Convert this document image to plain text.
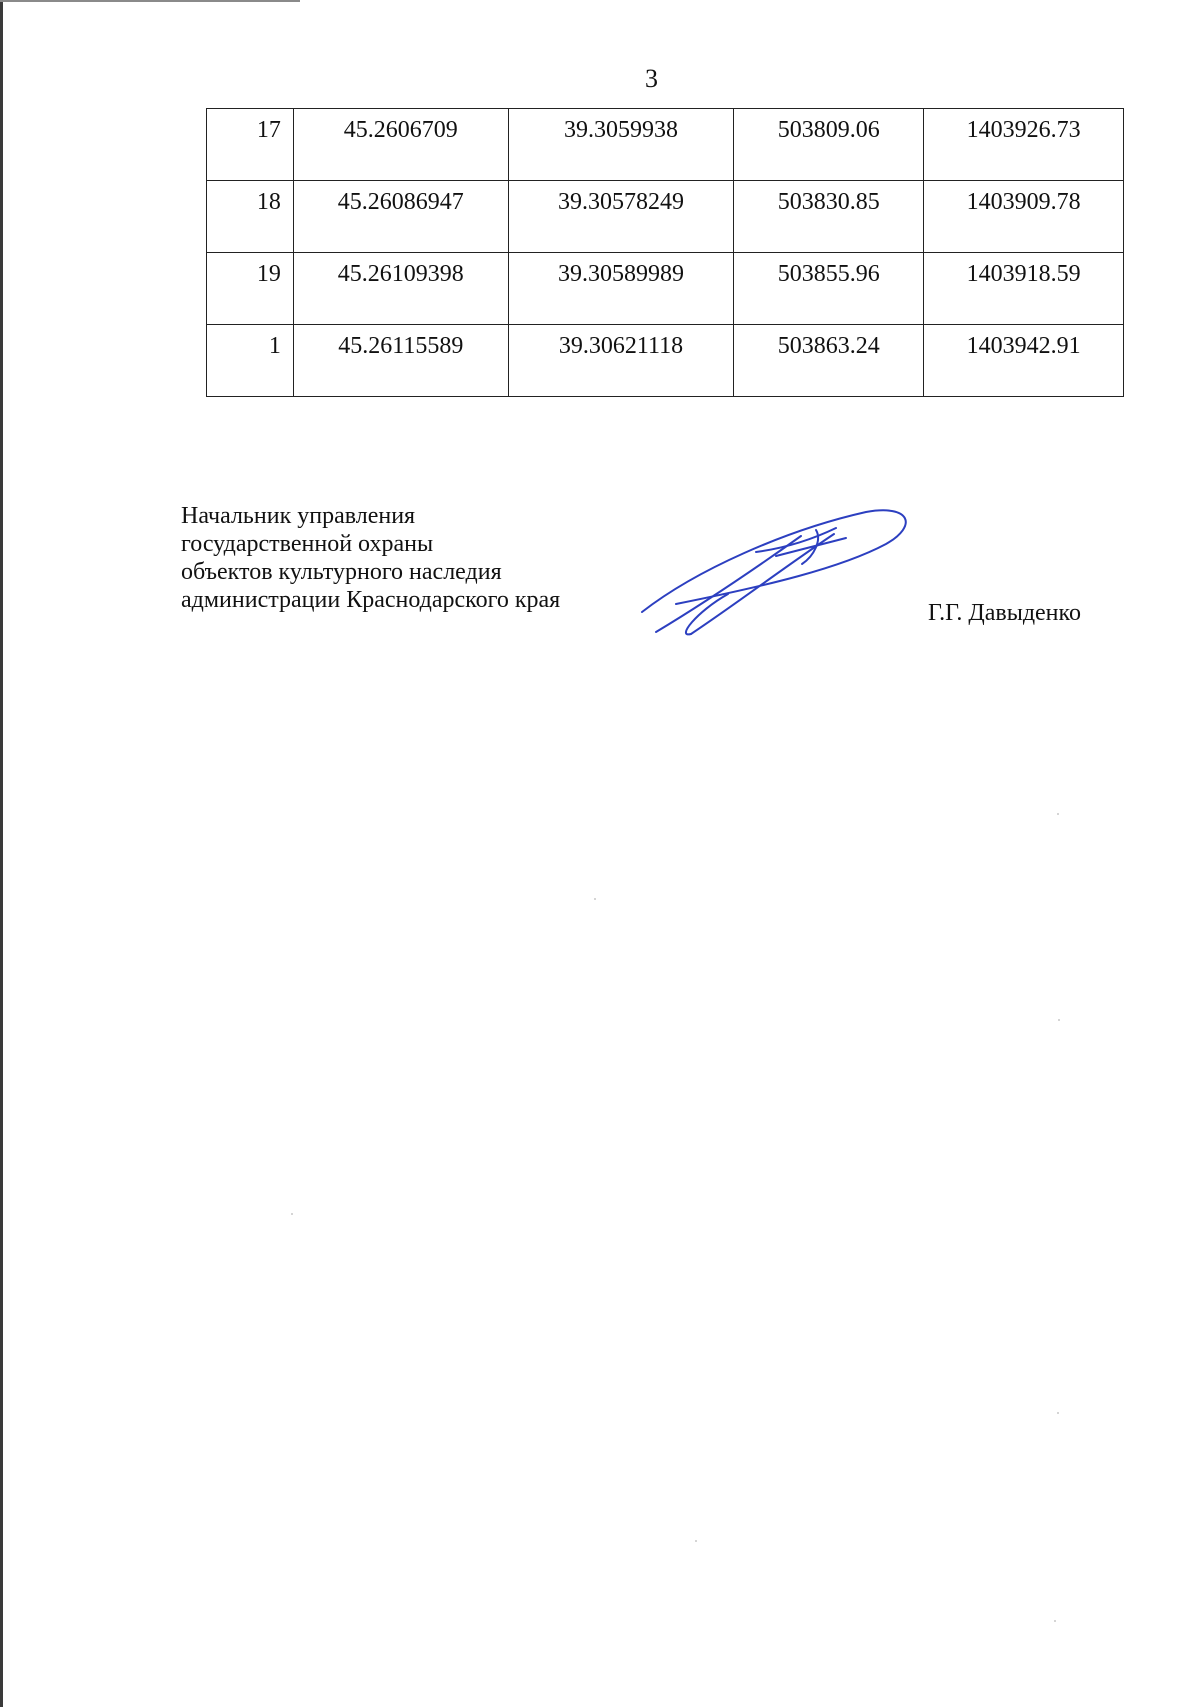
3
17	45.2606709	39.3059938	503809.06	1403926.73
18	45.26086947	39.30578249	503830.85	1403909.78
19	45.26109398	39.30589989	503855.96	1403918.59
1	45.26115589	39.30621118	503863.24	1403942.91
Начальник управления
государственной охраны
объектов культурного наследия
администрации Краснодарского края	Г.Г. Давыденко
